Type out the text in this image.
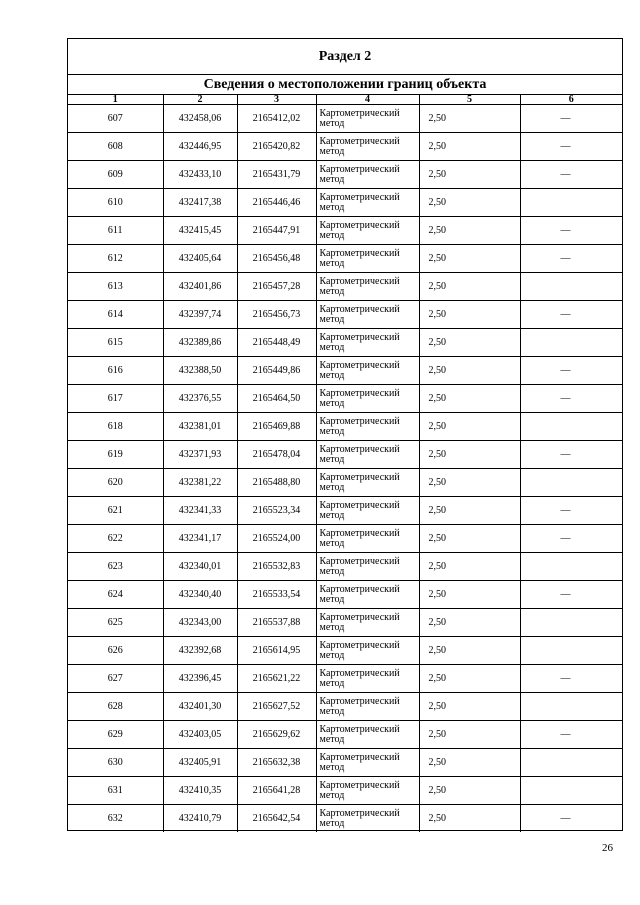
Раздел 2
Сведения о местоположении границ объекта
1	2	3	4	5	6
607	432458,06	2165412,02	Картометрический метод	2,50	—
608	432446,95	2165420,82	Картометрический метод	2,50	—
609	432433,10	2165431,79	Картометрический метод	2,50	—
610	432417,38	2165446,46	Картометрический метод	2,50	
611	432415,45	2165447,91	Картометрический метод	2,50	—
612	432405,64	2165456,48	Картометрический метод	2,50	—
613	432401,86	2165457,28	Картометрический метод	2,50	
614	432397,74	2165456,73	Картометрический метод	2,50	—
615	432389,86	2165448,49	Картометрический метод	2,50	
616	432388,50	2165449,86	Картометрический метод	2,50	—
617	432376,55	2165464,50	Картометрический метод	2,50	—
618	432381,01	2165469,88	Картометрический метод	2,50	
619	432371,93	2165478,04	Картометрический метод	2,50	—
620	432381,22	2165488,80	Картометрический метод	2,50	
621	432341,33	2165523,34	Картометрический метод	2,50	—
622	432341,17	2165524,00	Картометрический метод	2,50	—
623	432340,01	2165532,83	Картометрический метод	2,50	
624	432340,40	2165533,54	Картометрический метод	2,50	—
625	432343,00	2165537,88	Картометрический метод	2,50	
626	432392,68	2165614,95	Картометрический метод	2,50	
627	432396,45	2165621,22	Картометрический метод	2,50	—
628	432401,30	2165627,52	Картометрический метод	2,50	
629	432403,05	2165629,62	Картометрический метод	2,50	—
630	432405,91	2165632,38	Картометрический метод	2,50	
631	432410,35	2165641,28	Картометрический метод	2,50	
632	432410,79	2165642,54	Картометрический метод	2,50	—
26
